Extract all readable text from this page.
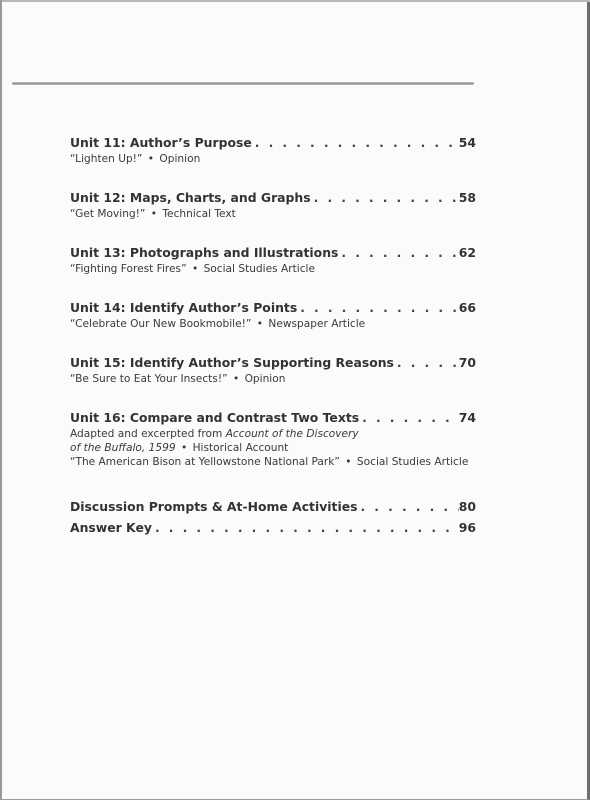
Unit 11: Author’s Purpose . . .	54
“Lighten Up!” • Opinion
Unit 12: Maps, Charts, and Graphs . . .	58
“Get Moving!” • Technical Text
Unit 13: Photographs and Illustrations . . .	62
“Fighting Forest Fires” • Social Studies Article
Unit 14: Identify Author’s Points . . .	66
“Celebrate Our New Bookmobile!” • Newspaper Article
Unit 15: Identify Author’s Supporting Reasons . . .	70
“Be Sure to Eat Your Insects!” • Opinion
Unit 16: Compare and Contrast Two Texts . . .	74
Adapted and excerpted from Account of the Discovery
of the Buffalo, 1599 • Historical Account
“The American Bison at Yellowstone National Park” • Social Studies Article
Discussion Prompts & At-Home Activities . . .	80
Answer Key . . .	96
